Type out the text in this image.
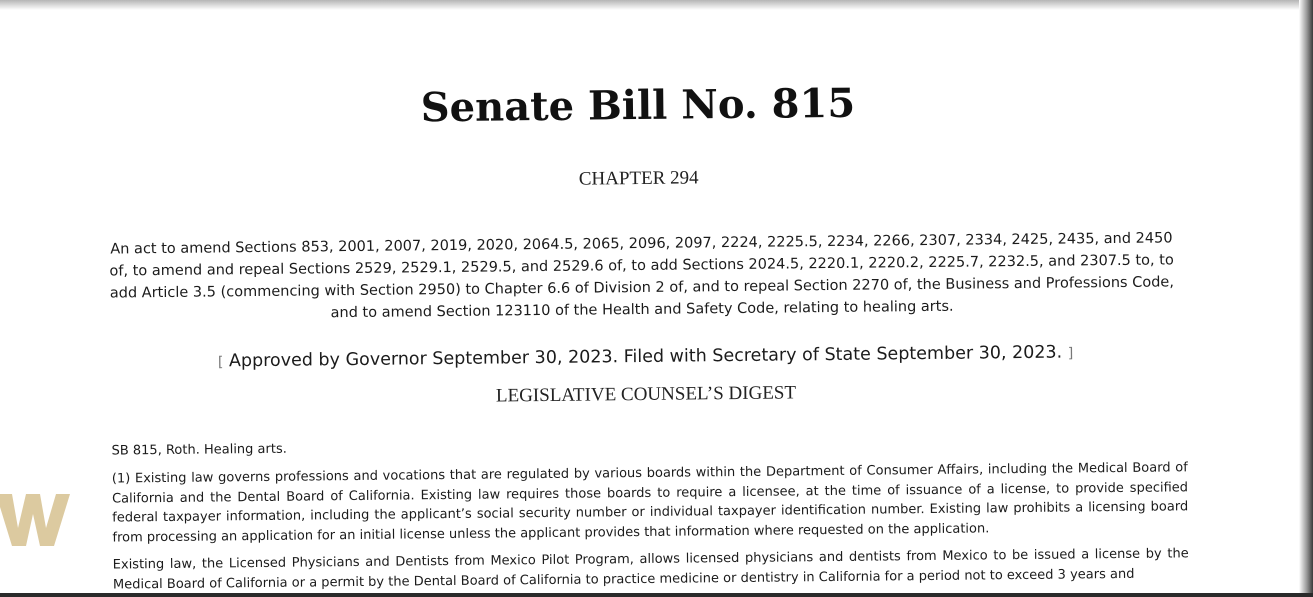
Senate Bill No. 815
CHAPTER 294
An act to amend Sections 853, 2001, 2007, 2019, 2020, 2064.5, 2065, 2096, 2097, 2224, 2225.5, 2234, 2266, 2307, 2334, 2425, 2435, and 2450 of, to amend and repeal Sections 2529, 2529.1, 2529.5, and 2529.6 of, to add Sections 2024.5, 2220.1, 2220.2, 2225.7, 2232.5, and 2307.5 to, to add Article 3.5 (commencing with Section 2950) to Chapter 6.6 of Division 2 of, and to repeal Section 2270 of, the Business and Professions Code, and to amend Section 123110 of the Health and Safety Code, relating to healing arts.
[ Approved by Governor September 30, 2023. Filed with Secretary of State September 30, 2023. ]
LEGISLATIVE COUNSEL’S DIGEST
SB 815, Roth. Healing arts.
(1) Existing law governs professions and vocations that are regulated by various boards within the Department of Consumer Affairs, including the Medical Board of California and the Dental Board of California. Existing law requires those boards to require a licensee, at the time of issuance of a license, to provide specified federal taxpayer information, including the applicant’s social security number or individual taxpayer identification number. Existing law prohibits a licensing board from processing an application for an initial license unless the applicant provides that information where requested on the application.
Existing law, the Licensed Physicians and Dentists from Mexico Pilot Program, allows licensed physicians and dentists from Mexico to be issued a license by the Medical Board of California or a permit by the Dental Board of California to practice medicine or dentistry in California for a period not to exceed 3 years and
